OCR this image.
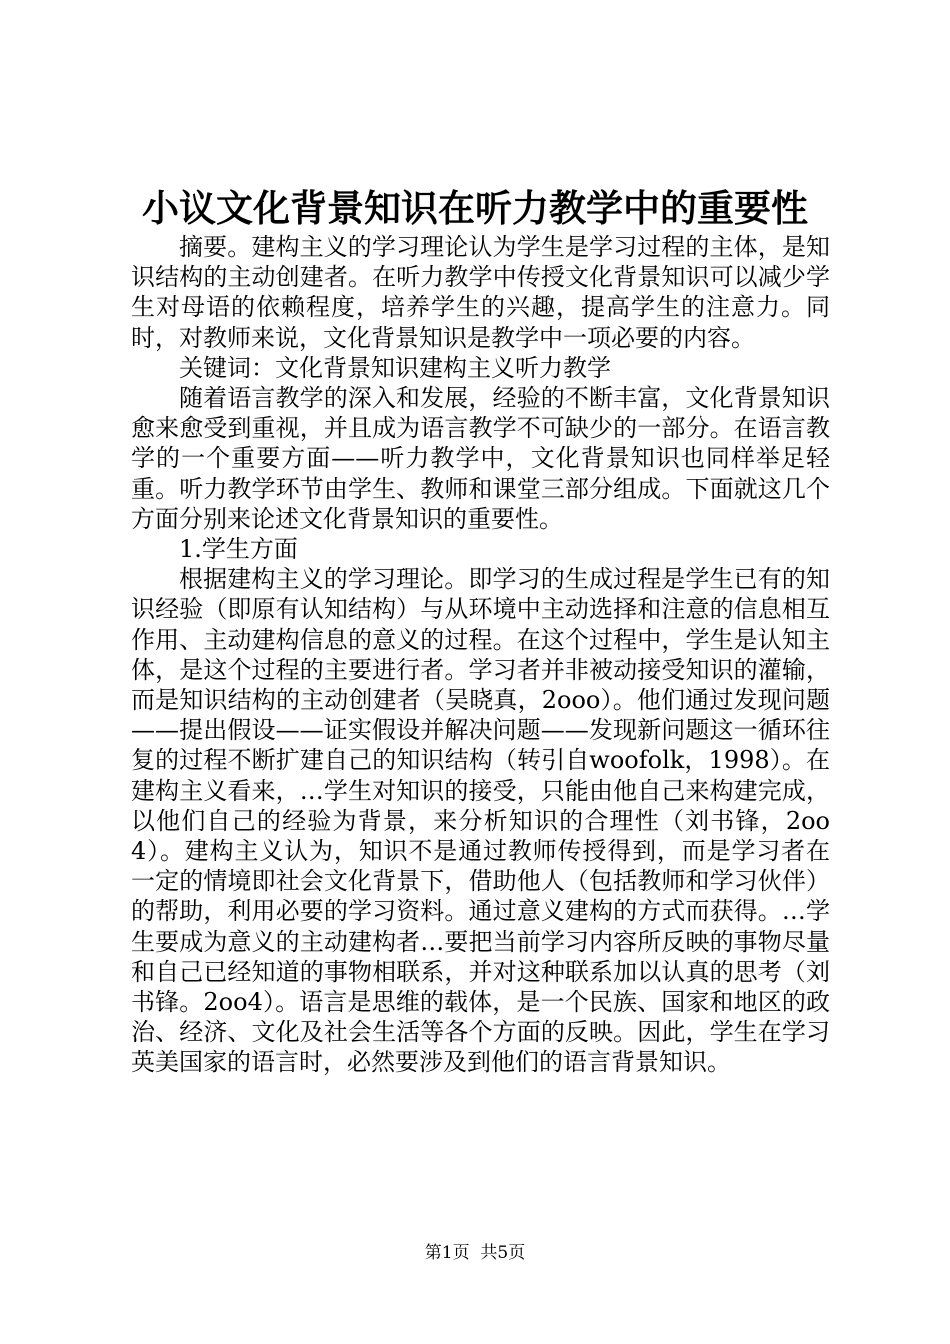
小议文化背景知识在听力教学中的重要性

摘要。建构主义的学习理论认为学生是学习过程的主体，是知识结构的主动创建者。在听力教学中传授文化背景知识可以减少学生对母语的依赖程度，培养学生的兴趣，提高学生的注意力。同时，对教师来说，文化背景知识是教学中一项必要的内容。

关键词：文化背景知识建构主义听力教学

随着语言教学的深入和发展，经验的不断丰富，文化背景知识愈来愈受到重视，并且成为语言教学不可缺少的一部分。在语言教学的一个重要方面——听力教学中，文化背景知识也同样举足轻重。听力教学环节由学生、教师和课堂三部分组成。下面就这几个方面分别来论述文化背景知识的重要性。

1.学生方面

根据建构主义的学习理论。即学习的生成过程是学生已有的知识经验（即原有认知结构）与从环境中主动选择和注意的信息相互作用、主动建构信息的意义的过程。在这个过程中，学生是认知主体，是这个过程的主要进行者。学习者并非被动接受知识的灌输，而是知识结构的主动创建者（吴晓真，2ooo）。他们通过发现问题——提出假设——证实假设并解决问题——发现新问题这一循环往复的过程不断扩建自己的知识结构（转引自woofolk，1998）。在建构主义看来，…学生对知识的接受，只能由他自己来构建完成，以他们自己的经验为背景，来分析知识的合理性（刘书锋，2oo4）。建构主义认为，知识不是通过教师传授得到，而是学习者在一定的情境即社会文化背景下，借助他人（包括教师和学习伙伴）的帮助，利用必要的学习资料。通过意义建构的方式而获得。…学生要成为意义的主动建构者…要把当前学习内容所反映的事物尽量和自己已经知道的事物相联系，并对这种联系加以认真的思考（刘书锋。2oo4）。语言是思维的载体，是一个民族、国家和地区的政治、经济、文化及社会生活等各个方面的反映。因此，学生在学习英美国家的语言时，必然要涉及到他们的语言背景知识。

第1页  共5页
